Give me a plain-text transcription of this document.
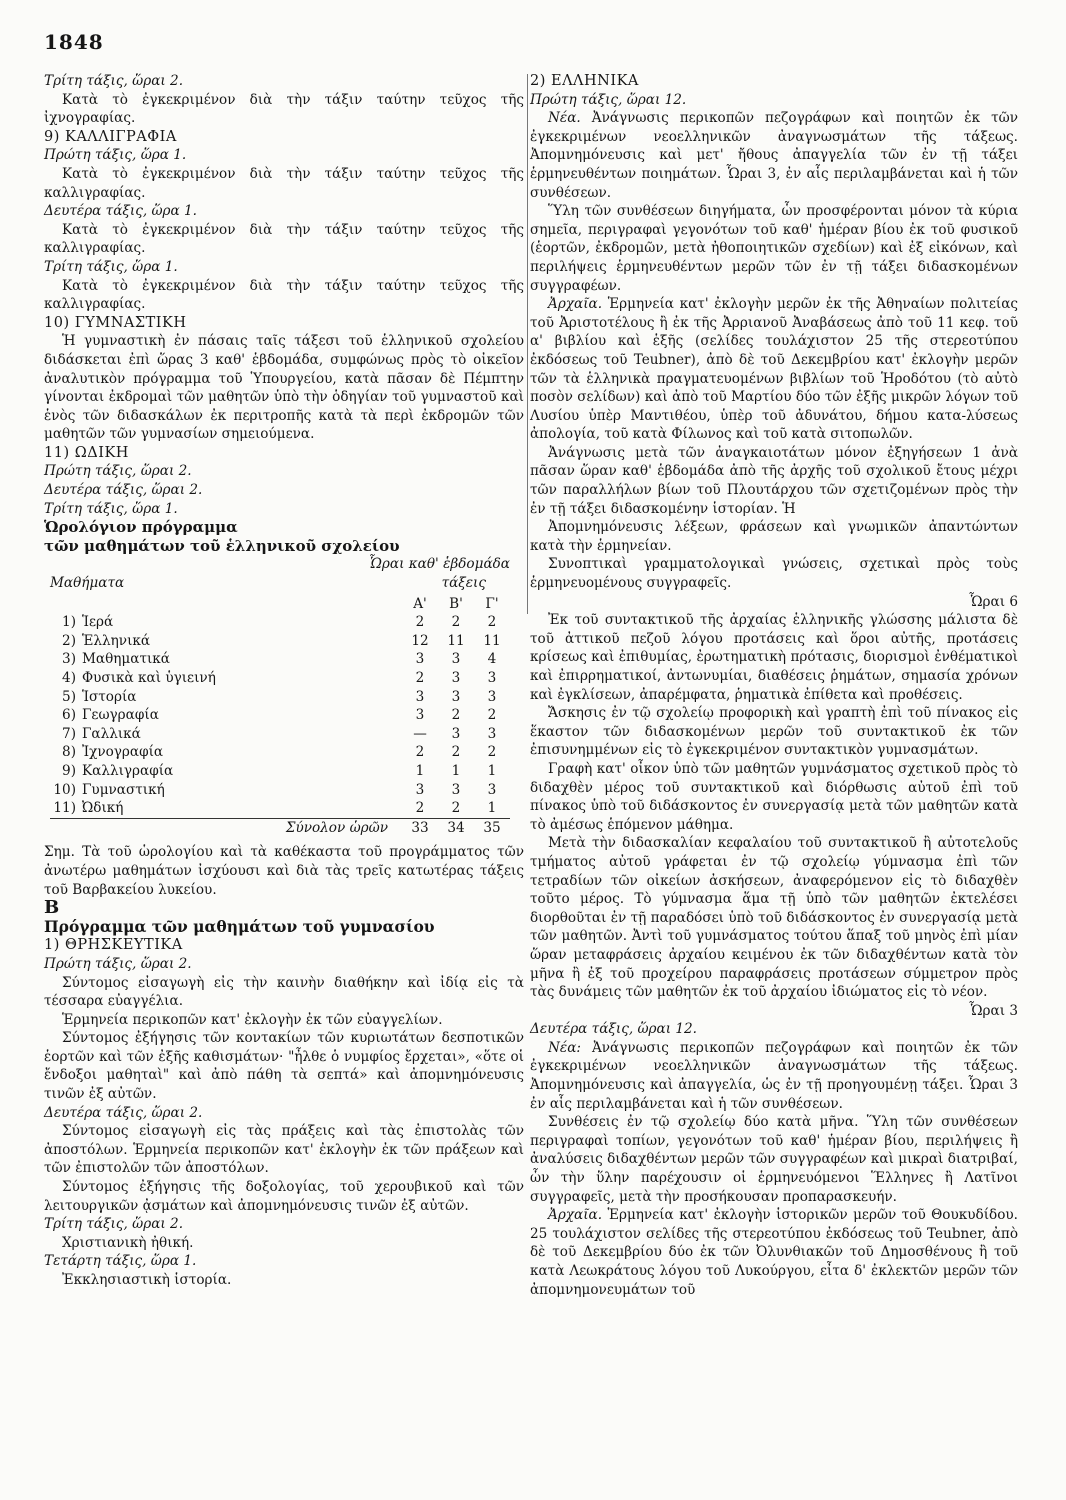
1848

Τρίτη τάξις, ὥραι 2.

Κατὰ τὸ ἐγκεκριμένον διὰ τὴν τάξιν ταύτην τεῦχος τῆς ἰχνογραφίας.

9) ΚΑΛΛΙΓΡΑΦΙΑ

Πρώτη τάξις, ὥρα 1.

Κατὰ τὸ ἐγκεκριμένον διὰ τὴν τάξιν ταύτην τεῦχος τῆς καλλιγραφίας.

Δευτέρα τάξις, ὥρα 1.

Κατὰ τὸ ἐγκεκριμένον διὰ τὴν τάξιν ταύτην τεῦχος τῆς καλλιγραφίας.

Τρίτη τάξις, ὥρα 1.

Κατὰ τὸ ἐγκεκριμένον διὰ τὴν τάξιν ταύτην τεῦχος τῆς καλλιγραφίας.

10) ΓΥΜΝΑΣΤΙΚΗ

Ἡ γυμναστικὴ ἐν πάσαις ταῖς τάξεσι τοῦ ἑλληνικοῦ σχολείου διδάσκεται ἐπὶ ὥρας 3 καθ' ἑβδομάδα, συμφώνως πρὸς τὸ οἰκεῖον ἀναλυτικὸν πρόγραμμα τοῦ Ὑπουργείου, κατὰ πᾶσαν δὲ Πέμπτην γίνονται ἐκδρομαὶ τῶν μαθητῶν ὑπὸ τὴν ὁδηγίαν τοῦ γυμναστοῦ καὶ ἑνὸς τῶν διδασκάλων ἐκ περιτροπῆς κατὰ τὰ περὶ ἐκδρομῶν τῶν μαθητῶν τῶν γυμνασίων σημειούμενα.

11) ΩΔΙΚΗ

Πρώτη τάξις, ὥραι 2.

Δευτέρα τάξις, ὥραι 2.

Τρίτη τάξις, ὥρα 1.

Ὡρολόγιον πρόγραμμα

τῶν μαθημάτων τοῦ ἑλληνικοῦ σχολείου

Ὧραι καθ' ἑβδομάδα

Μαθήματα	τάξεις
		Α'	Β'	Γ'
1)	Ἱερά	2	2	2
2)	Ἑλληνικά	12	11	11
3)	Μαθηματικά	3	3	4
4)	Φυσικὰ καὶ ὑγιεινή	2	3	3
5)	Ἱστορία	3	3	3
6)	Γεωγραφία	3	2	2
7)	Γαλλικά	—	3	3
8)	Ἰχνογραφία	2	2	2
9)	Καλλιγραφία	1	1	1
10)	Γυμναστική	3	3	3
11)	Ὠδική	2	2	1
	Σύνολον ὡρῶν	33	34	35

Σημ. Τὰ τοῦ ὡρολογίου καὶ τὰ καθέκαστα τοῦ προγράμματος τῶν ἀνωτέρω μαθημάτων ἰσχύουσι καὶ διὰ τὰς τρεῖς κατωτέρας τάξεις τοῦ Βαρβακείου λυκείου.

Β

Πρόγραμμα τῶν μαθημάτων τοῦ γυμνασίου

1) ΘΡΗΣΚΕΥΤΙΚΑ

Πρώτη τάξις, ὥραι 2.

Σύντομος εἰσαγωγὴ εἰς τὴν καινὴν διαθήκην καὶ ἰδίᾳ εἰς τὰ τέσσαρα εὐαγγέλια.

Ἑρμηνεία περικοπῶν κατ' ἐκλογὴν ἐκ τῶν εὐαγγελίων.

Σύντομος ἐξήγησις τῶν κοντακίων τῶν κυριωτάτων δεσποτικῶν ἑορτῶν καὶ τῶν ἐξῆς καθισμάτων· "ἦλθε ὁ νυμφίος ἔρχεται», «ὅτε οἱ ἔνδοξοι μαθηταὶ" καὶ ἀπὸ πάθη τὰ σεπτά» καὶ ἀπομνημόνευσις τινῶν ἐξ αὐτῶν.

Δευτέρα τάξις, ὥραι 2.

Σύντομος εἰσαγωγὴ εἰς τὰς πράξεις καὶ τὰς ἐπιστολὰς τῶν ἀποστόλων. Ἑρμηνεία περικοπῶν κατ' ἐκλογὴν ἐκ τῶν πράξεων καὶ τῶν ἐπιστολῶν τῶν ἀποστόλων.

Σύντομος ἐξήγησις τῆς δοξολογίας, τοῦ χερουβικοῦ καὶ τῶν λειτουργικῶν ᾀσμάτων καὶ ἀπομνημόνευσις τινῶν ἐξ αὐτῶν.

Τρίτη τάξις, ὥραι 2.

Χριστιανικὴ ἠθική.

Τετάρτη τάξις, ὥρα 1.

Ἐκκλησιαστικὴ ἱστορία.

2) ΕΛΛΗΝΙΚΑ

Πρώτη τάξις, ὥραι 12.

Νέα. Ἀνάγνωσις περικοπῶν πεζογράφων καὶ ποιητῶν ἐκ τῶν ἐγκεκριμένων νεοελληνικῶν ἀναγνωσμάτων τῆς τάξεως. Ἀπομνημόνευσις καὶ μετ' ἤθους ἀπαγγελία τῶν ἐν τῇ τάξει ἑρμηνευθέντων ποιημάτων. Ὧραι 3, ἐν αἷς περιλαμβάνεται καὶ ἡ τῶν συνθέσεων.

Ὕλη τῶν συνθέσεων διηγήματα, ὧν προσφέρονται μόνον τὰ κύρια σημεῖα, περιγραφαὶ γεγονότων τοῦ καθ' ἡμέραν βίου ἐκ τοῦ φυσικοῦ (ἑορτῶν, ἐκδρομῶν, μετὰ ἠθοποιητικῶν σχεδίων) καὶ ἐξ εἰκόνων, καὶ περιλήψεις ἑρμηνευθέντων μερῶν τῶν ἐν τῇ τάξει διδασκομένων συγγραφέων.

Ἀρχαῖα. Ἑρμηνεία κατ' ἐκλογὴν μερῶν ἐκ τῆς Ἀθηναίων πολιτείας τοῦ Ἀριστοτέλους ἢ ἐκ τῆς Ἀρριανοῦ Ἀναβάσεως ἀπὸ τοῦ 11 κεφ. τοῦ α' βιβλίου καὶ ἑξῆς (σελίδες τουλάχιστον 25 τῆς στερεοτύπου ἐκδόσεως τοῦ Teubner), ἀπὸ δὲ τοῦ Δεκεμβρίου κατ' ἐκλογὴν μερῶν τῶν τὰ ἑλληνικὰ πραγματευομένων βιβλίων τοῦ Ἡροδότου (τὸ αὐτὸ ποσὸν σελίδων) καὶ ἀπὸ τοῦ Μαρτίου δύο τῶν ἐξῆς μικρῶν λόγων τοῦ Λυσίου ὑπὲρ Μαντιθέου, ὑπὲρ τοῦ ἀδυνάτου, δήμου κατα-λύσεως ἀπολογία, τοῦ κατὰ Φίλωνος καὶ τοῦ κατὰ σιτοπωλῶν.

Ἀνάγνωσις μετὰ τῶν ἀναγκαιοτάτων μόνον ἐξηγήσεων 1 ἀνὰ πᾶσαν ὥραν καθ' ἑβδομάδα ἀπὸ τῆς ἀρχῆς τοῦ σχολικοῦ ἔτους μέχρι τῶν παραλλήλων βίων τοῦ Πλουτάρχου τῶν σχετιζομένων πρὸς τὴν ἐν τῇ τάξει διδασκομένην ἱστορίαν. Ἡ

Ἀπομνημόνευσις λέξεων, φράσεων καὶ γνωμικῶν ἀπαντώντων κατὰ τὴν ἑρμηνείαν.

Συνοπτικαὶ γραμματολογικαὶ γνώσεις, σχετικαὶ πρὸς τοὺς ἑρμηνευομένους συγγραφεῖς.

Ὧραι 6

Ἐκ τοῦ συντακτικοῦ τῆς ἀρχαίας ἑλληνικῆς γλώσσης μάλιστα δὲ τοῦ ἀττικοῦ πεζοῦ λόγου προτάσεις καὶ ὅροι αὐτῆς, προτάσεις κρίσεως καὶ ἐπιθυμίας, ἐρωτηματικὴ πρότασις, διορισμοὶ ἐνθέματικοὶ καὶ ἐπιρρηματικοί, ἀντωνυμίαι, διαθέσεις ῥημάτων, σημασία χρόνων καὶ ἐγκλίσεων, ἀπαρέμφατα, ῥηματικὰ ἐπίθετα καὶ προθέσεις.

Ἄσκησις ἐν τῷ σχολείῳ προφορικὴ καὶ γραπτὴ ἐπὶ τοῦ πίνακος εἰς ἕκαστον τῶν διδασκομένων μερῶν τοῦ συντακτικοῦ ἐκ τῶν ἐπισυνημμένων εἰς τὸ ἐγκεκριμένον συντακτικὸν γυμνασμάτων.

Γραφὴ κατ' οἶκον ὑπὸ τῶν μαθητῶν γυμνάσματος σχετικοῦ πρὸς τὸ διδαχθὲν μέρος τοῦ συντακτικοῦ καὶ διόρθωσις αὐτοῦ ἐπὶ τοῦ πίνακος ὑπὸ τοῦ διδάσκοντος ἐν συνεργασίᾳ μετὰ τῶν μαθητῶν κατὰ τὸ ἀμέσως ἑπόμενον μάθημα.

Μετὰ τὴν διδασκαλίαν κεφαλαίου τοῦ συντακτικοῦ ἢ αὐτοτελοῦς τμήματος αὐτοῦ γράφεται ἐν τῷ σχολείῳ γύμνασμα ἐπὶ τῶν τετραδίων τῶν οἰκείων ἀσκήσεων, ἀναφερόμενον εἰς τὸ διδαχθὲν τοῦτο μέρος. Τὸ γύμνασμα ἅμα τῇ ὑπὸ τῶν μαθητῶν ἐκτελέσει διορθοῦται ἐν τῇ παραδόσει ὑπὸ τοῦ διδάσκοντος ἐν συνεργασίᾳ μετὰ τῶν μαθητῶν. Ἀντὶ τοῦ γυμνάσματος τούτου ἅπαξ τοῦ μηνὸς ἐπὶ μίαν ὥραν μεταφράσεις ἀρχαίου κειμένου ἐκ τῶν διδαχθέντων κατὰ τὸν μῆνα ἢ ἐξ τοῦ προχείρου παραφράσεις προτάσεων σύμμετρον πρὸς τὰς δυνάμεις τῶν μαθητῶν ἐκ τοῦ ἀρχαίου ἰδιώματος εἰς τὸ νέον.

Ὧραι 3

Δευτέρα τάξις, ὥραι 12.

Νέα: Ἀνάγνωσις περικοπῶν πεζογράφων καὶ ποιητῶν ἐκ τῶν ἐγκεκριμένων νεοελληνικῶν ἀναγνωσμάτων τῆς τάξεως. Ἀπομνημόνευσις καὶ ἀπαγγελία, ὡς ἐν τῇ προηγουμένῃ τάξει. Ὧραι 3 ἐν αἷς περιλαμβάνεται καὶ ἡ τῶν συνθέσεων.

Συνθέσεις ἐν τῷ σχολείῳ δύο κατὰ μῆνα. Ὕλη τῶν συνθέσεων περιγραφαὶ τοπίων, γεγονότων τοῦ καθ' ἡμέραν βίου, περιλήψεις ἢ ἀναλύσεις διδαχθέντων μερῶν τῶν συγγραφέων καὶ μικραὶ διατριβαί, ὧν τὴν ὕλην παρέχουσιν οἱ ἑρμηνευόμενοι Ἕλληνες ἢ Λατῖνοι συγγραφεῖς, μετὰ τὴν προσήκουσαν προπαρασκευήν.

Ἀρχαῖα. Ἑρμηνεία κατ' ἐκλογὴν ἱστορικῶν μερῶν τοῦ Θουκυδίδου. 25 τουλάχιστον σελίδες τῆς στερεοτύπου ἐκδόσεως τοῦ Teubner, ἀπὸ δὲ τοῦ Δεκεμβρίου δύο ἐκ τῶν Ὀλυνθιακῶν τοῦ Δημοσθένους ἢ τοῦ κατὰ Λεωκράτους λόγου τοῦ Λυκούργου, εἶτα δ' ἐκλεκτῶν μερῶν τῶν ἀπομνημονευμάτων τοῦ
